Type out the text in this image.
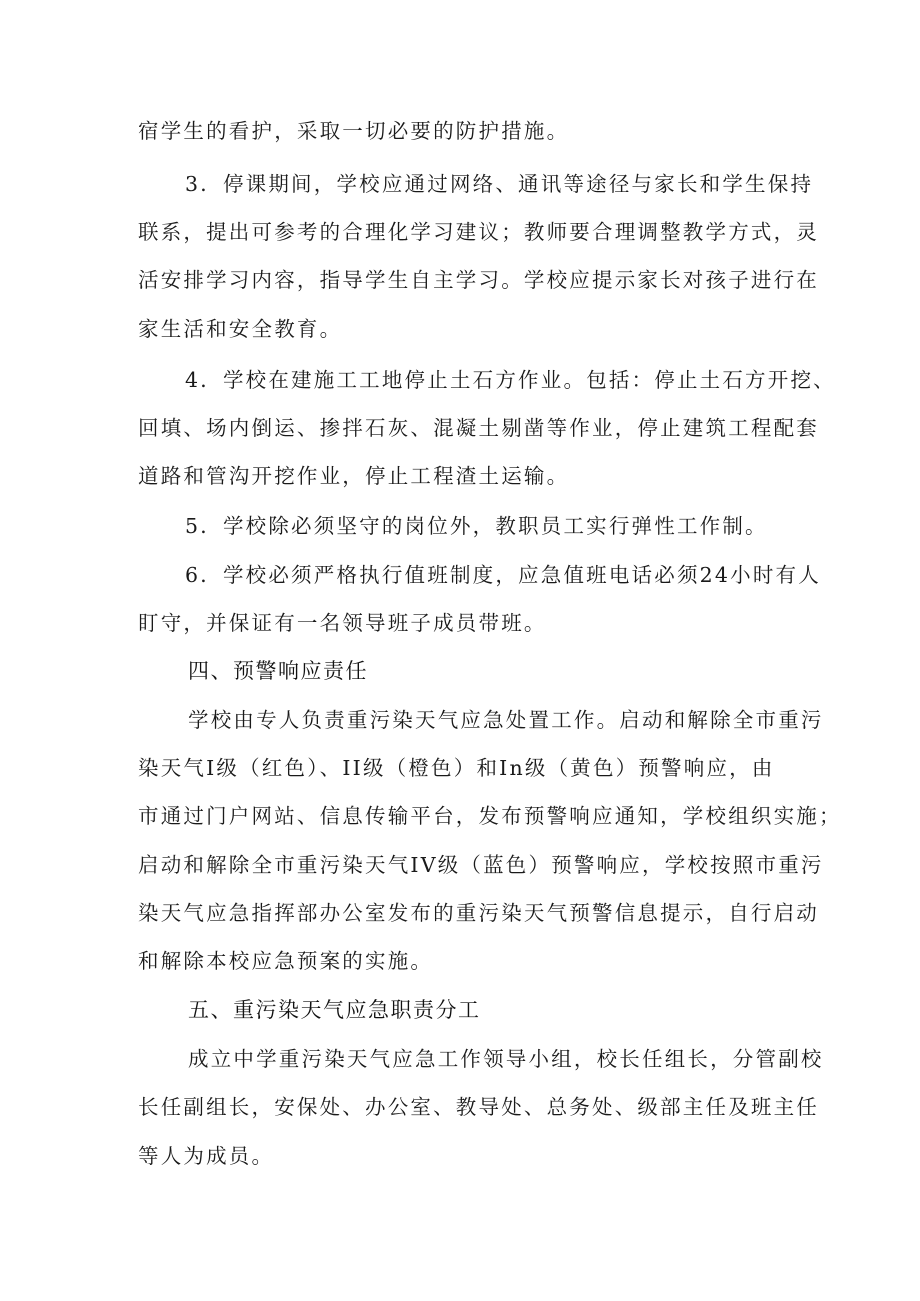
宿学生的看护，采取一切必要的防护措施。
3．停课期间，学校应通过网络、通讯等途径与家长和学生保持
联系，提出可参考的合理化学习建议；教师要合理调整教学方式，灵
活安排学习内容，指导学生自主学习。学校应提示家长对孩子进行在
家生活和安全教育。
4．学校在建施工工地停止土石方作业。包括：停止土石方开挖、
回填、场内倒运、掺拌石灰、混凝土剔凿等作业，停止建筑工程配套
道路和管沟开挖作业，停止工程渣土运输。
5．学校除必须坚守的岗位外，教职员工实行弹性工作制。
6．学校必须严格执行值班制度，应急值班电话必须24小时有人
盯守，并保证有一名领导班子成员带班。
四、预警响应责任
学校由专人负责重污染天气应急处置工作。启动和解除全市重污
染天气I级（红色）、II级（橙色）和In级（黄色）预警响应，由
市通过门户网站、信息传输平台，发布预警响应通知，学校组织实施；
启动和解除全市重污染天气IV级（蓝色）预警响应，学校按照市重污
染天气应急指挥部办公室发布的重污染天气预警信息提示，自行启动
和解除本校应急预案的实施。
五、重污染天气应急职责分工
成立中学重污染天气应急工作领导小组，校长任组长，分管副校
长任副组长，安保处、办公室、教导处、总务处、级部主任及班主任
等人为成员。
